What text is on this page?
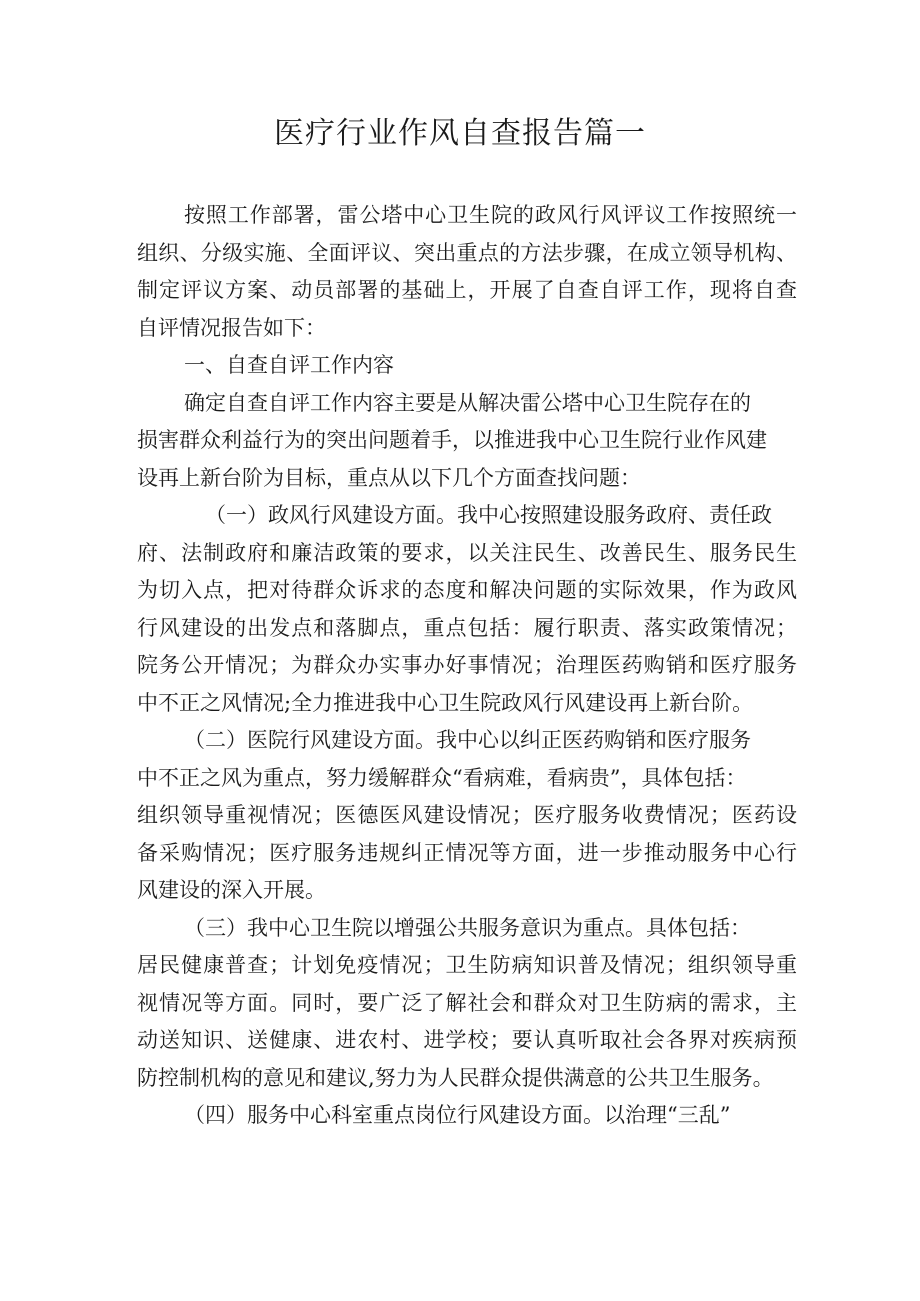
医疗行业作风自查报告篇一
按照工作部署，雷公塔中心卫生院的政风行风评议工作按照统一
组织、分级实施、全面评议、突出重点的方法步骤，在成立领导机构、
制定评议方案、动员部署的基础上，开展了自查自评工作，现将自查
自评情况报告如下：
一、自查自评工作内容
确定自查自评工作内容主要是从解决雷公塔中心卫生院存在的
损害群众利益行为的突出问题着手，以推进我中心卫生院行业作风建
设再上新台阶为目标，重点从以下几个方面查找问题：
（一）政风行风建设方面。我中心按照建设服务政府、责任政
府、法制政府和廉洁政策的要求，以关注民生、改善民生、服务民生
为切入点，把对待群众诉求的态度和解决问题的实际效果，作为政风
行风建设的出发点和落脚点，重点包括：履行职责、落实政策情况；
院务公开情况；为群众办实事办好事情况；治理医药购销和医疗服务
中不正之风情况;全力推进我中心卫生院政风行风建设再上新台阶。
（二）医院行风建设方面。我中心以纠正医药购销和医疗服务
中不正之风为重点，努力缓解群众“看病难，看病贵”，具体包括：
组织领导重视情况；医德医风建设情况；医疗服务收费情况；医药设
备采购情况；医疗服务违规纠正情况等方面，进一步推动服务中心行
风建设的深入开展。
（三）我中心卫生院以增强公共服务意识为重点。具体包括：
居民健康普查；计划免疫情况；卫生防病知识普及情况；组织领导重
视情况等方面。同时，要广泛了解社会和群众对卫生防病的需求，主
动送知识、送健康、进农村、进学校；要认真听取社会各界对疾病预
防控制机构的意见和建议,努力为人民群众提供满意的公共卫生服务。
（四）服务中心科室重点岗位行风建设方面。以治理“三乱”
